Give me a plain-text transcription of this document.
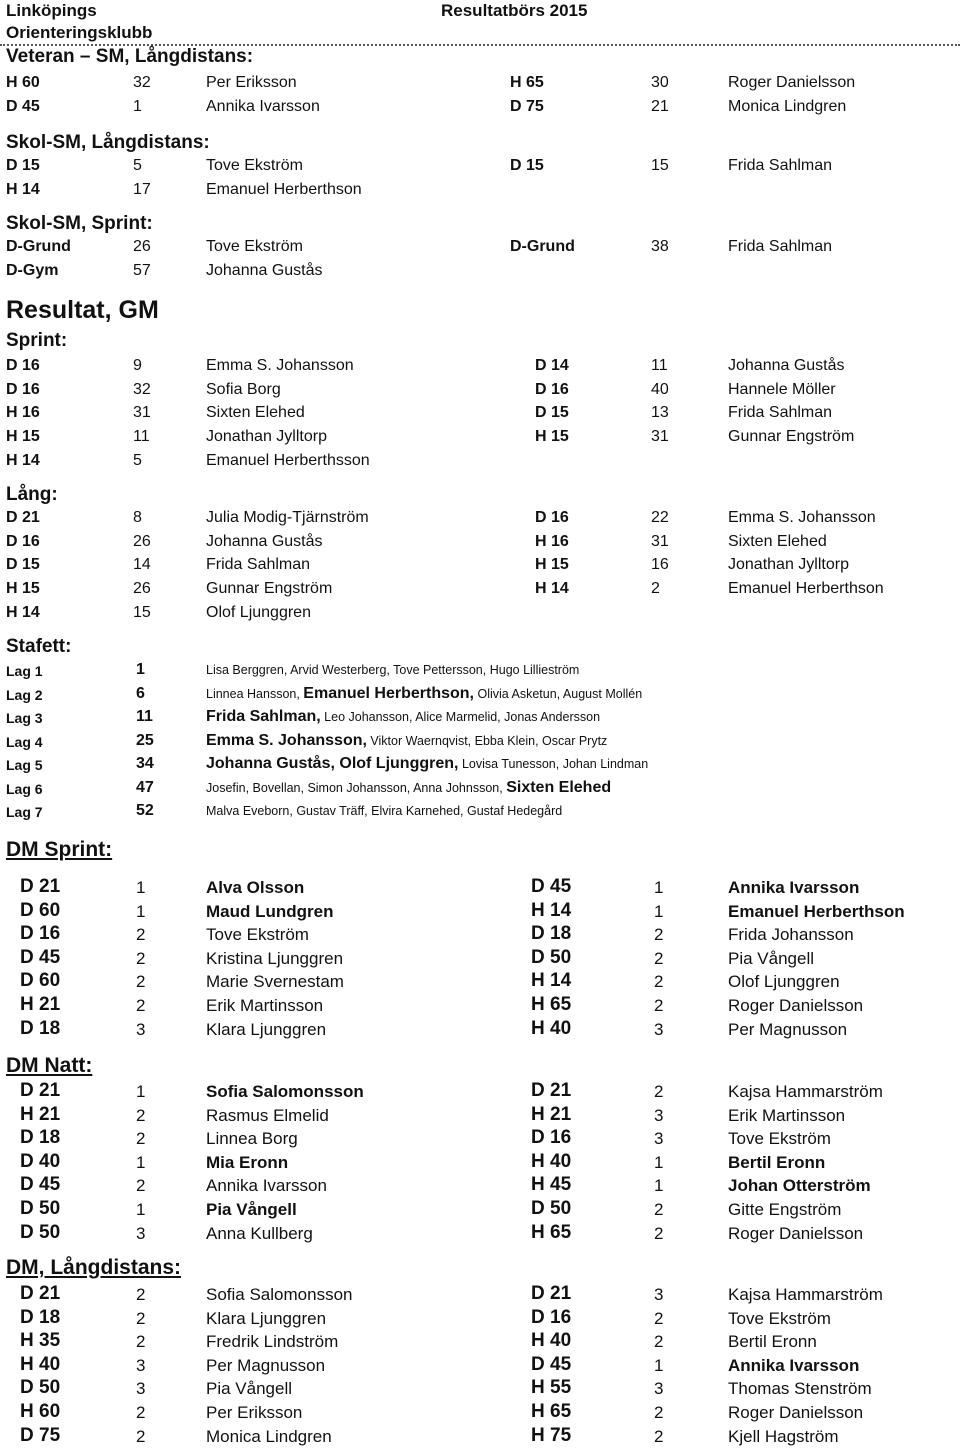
Linköpings
Orienteringsklubb
Resultatbörs 2015
Veteran – SM, Långdistans:
Skol-SM, Långdistans:
Skol-SM, Sprint:
Resultat, GM
Sprint:
Lång:
Stafett:
DM Sprint:
DM Natt:
DM, Långdistans:
H 60	32	Per Eriksson	H 65	30	Roger Danielsson
D 45	1	Annika Ivarsson	D 75	21	Monica Lindgren
D 15	5	Tove Ekström	D 15	15	Frida Sahlman
H 14	17	Emanuel Herberthson
D-Grund	26	Tove Ekström	D-Grund	38	Frida Sahlman
D-Gym	57	Johanna Gustås
D 16	9	Emma S. Johansson	D 14	11	Johanna Gustås
D 16	32	Sofia Borg	D 16	40	Hannele Möller
H 16	31	Sixten Elehed	D 15	13	Frida Sahlman
H 15	11	Jonathan Jylltorp	H 15	31	Gunnar Engström
H 14	5	Emanuel Herberthsson
D 21	8	Julia Modig-Tjärnström	D 16	22	Emma S. Johansson
D 16	26	Johanna Gustås	H 16	31	Sixten Elehed
D 15	14	Frida Sahlman	H 15	16	Jonathan Jylltorp
H 15	26	Gunnar Engström	H 14	2	Emanuel Herberthson
H 14	15	Olof Ljunggren
Lag 1	1	Lisa Berggren, Arvid Westerberg, Tove Pettersson, Hugo Lillieström
Lag 2	6	Linnea Hansson, Emanuel Herberthson, Olivia Asketun, August Mollén
Lag 3	11	Frida Sahlman, Leo Johansson, Alice Marmelid, Jonas Andersson
Lag 4	25	Emma S. Johansson, Viktor Waernqvist, Ebba Klein, Oscar Prytz
Lag 5	34	Johanna Gustås, Olof Ljunggren, Lovisa Tunesson, Johan Lindman
Lag 6	47	Josefin, Bovellan, Simon Johansson, Anna Johnsson, Sixten Elehed
Lag 7	52	Malva Eveborn, Gustav Träff, Elvira Karnehed, Gustaf Hedegård
D 21	1	Alva Olsson	D 45	1	Annika Ivarsson
D 60	1	Maud Lundgren	H 14	1	Emanuel Herberthson
D 16	2	Tove Ekström	D 18	2	Frida Johansson
D 45	2	Kristina Ljunggren	D 50	2	Pia Vångell
D 60	2	Marie Svernestam	H 14	2	Olof Ljunggren
H 21	2	Erik Martinsson	H 65	2	Roger Danielsson
D 18	3	Klara Ljunggren	H 40	3	Per Magnusson
D 21	1	Sofia Salomonsson	D 21	2	Kajsa Hammarström
H 21	2	Rasmus Elmelid	H 21	3	Erik Martinsson
D 18	2	Linnea Borg	D 16	3	Tove Ekström
D 40	1	Mia Eronn	H 40	1	Bertil Eronn
D 45	2	Annika Ivarsson	H 45	1	Johan Otterström
D 50	1	Pia Vångell	D 50	2	Gitte Engström
D 50	3	Anna Kullberg	H 65	2	Roger Danielsson
D 21	2	Sofia Salomonsson	D 21	3	Kajsa Hammarström
D 18	2	Klara Ljunggren	D 16	2	Tove Ekström
H 35	2	Fredrik Lindström	H 40	2	Bertil Eronn
H 40	3	Per Magnusson	D 45	1	Annika Ivarsson
D 50	3	Pia Vångell	H 55	3	Thomas Stenström
H 60	2	Per Eriksson	H 65	2	Roger Danielsson
D 75	2	Monica Lindgren	H 75	2	Kjell Hagström
